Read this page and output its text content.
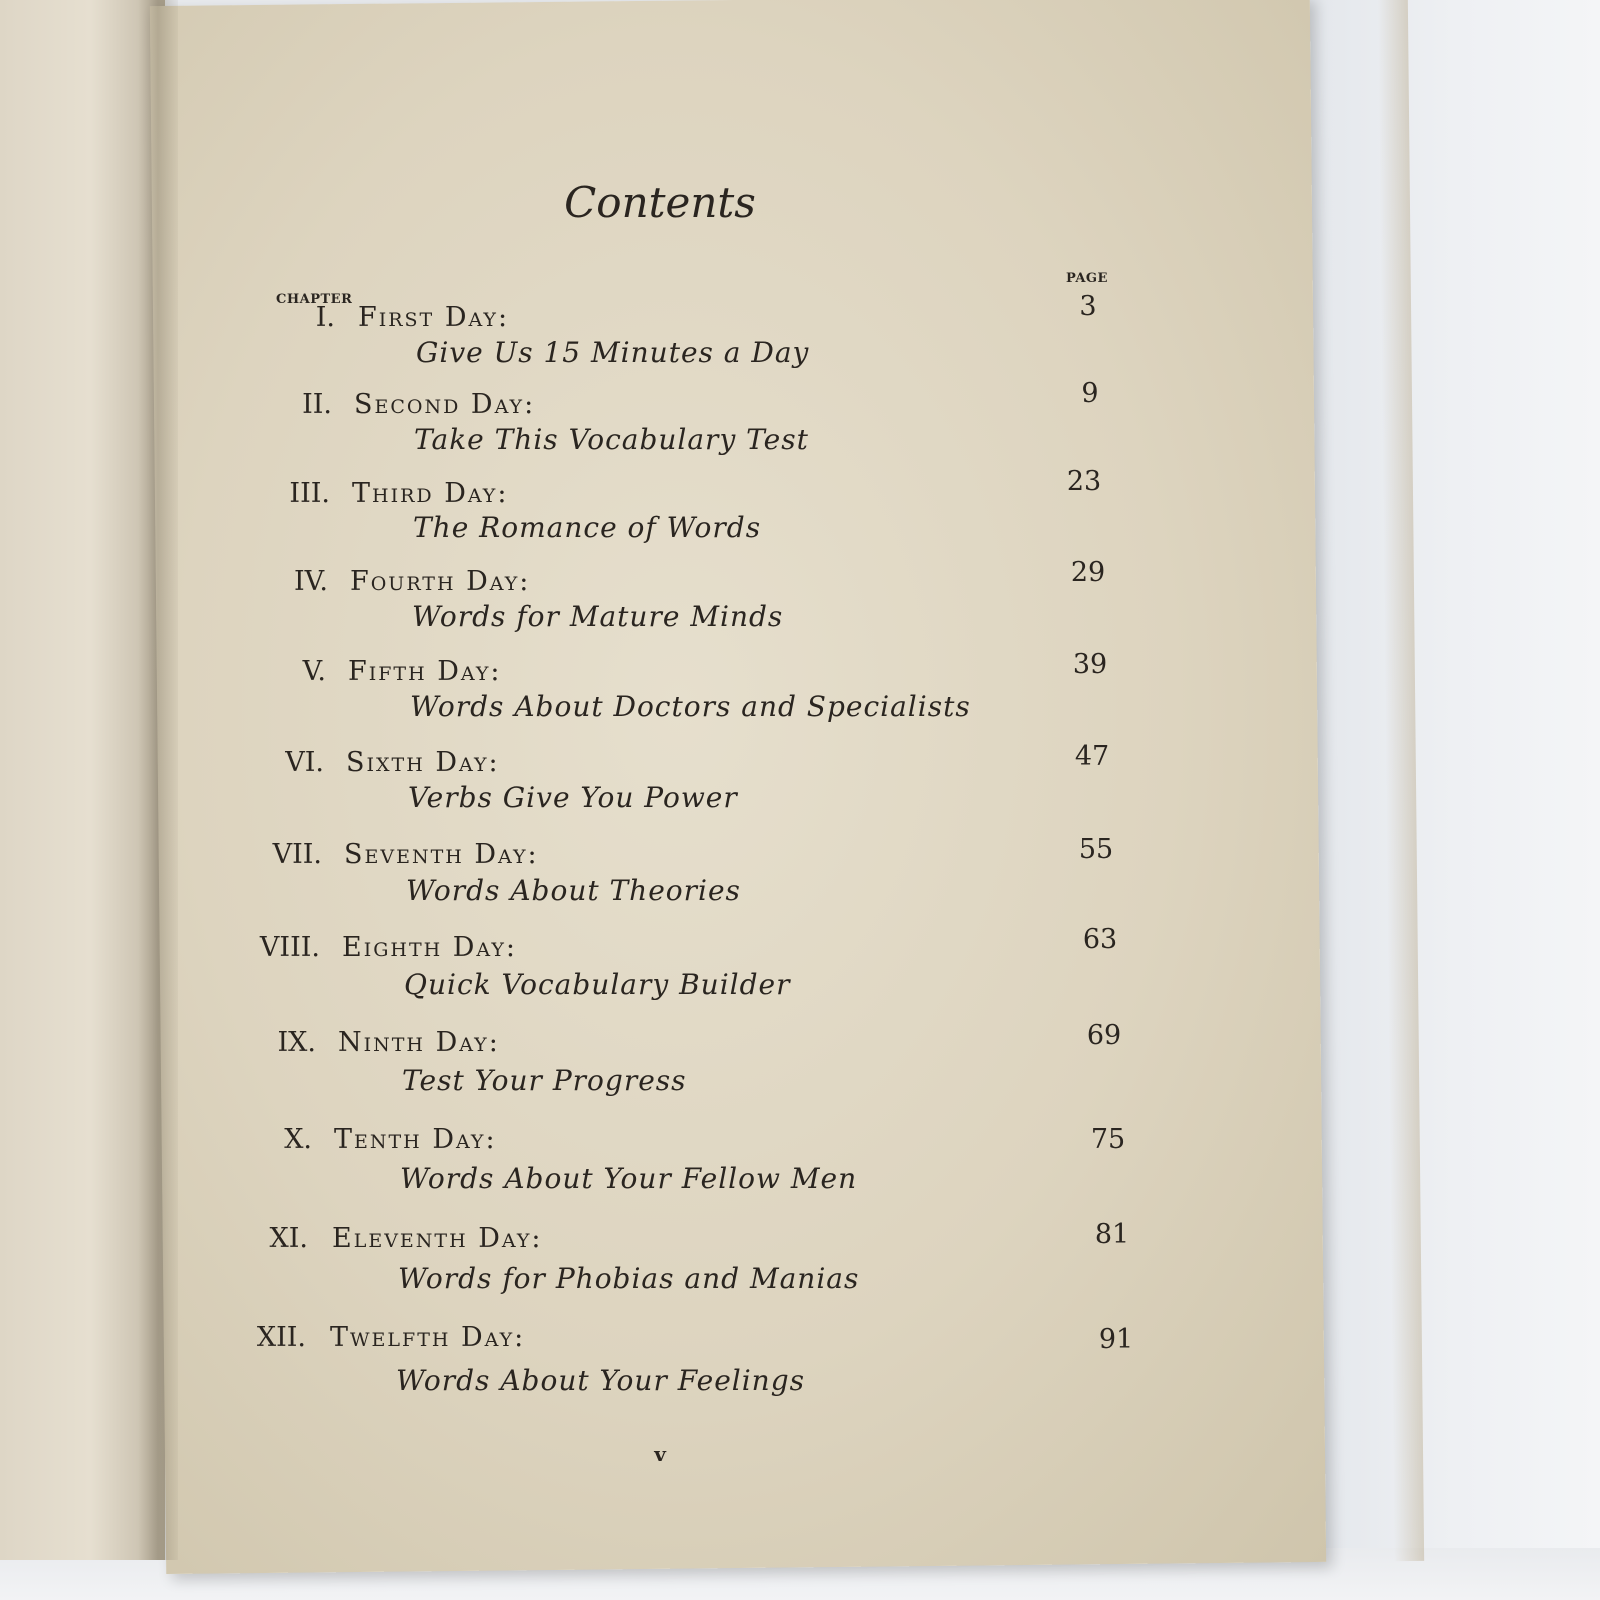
Contents
CHAPTER
PAGE
I. First Day:
Give Us 15 Minutes a Day
3
II. Second Day:
Take This Vocabulary Test
9
III. Third Day:
The Romance of Words
23
IV. Fourth Day:
Words for Mature Minds
29
V. Fifth Day:
Words About Doctors and Specialists
39
VI. Sixth Day:
Verbs Give You Power
47
VII. Seventh Day:
Words About Theories
55
VIII. Eighth Day:
Quick Vocabulary Builder
63
IX. Ninth Day:
Test Your Progress
69
X. Tenth Day:
Words About Your Fellow Men
75
XI. Eleventh Day:
Words for Phobias and Manias
81
XII. Twelfth Day:
Words About Your Feelings
91
v
